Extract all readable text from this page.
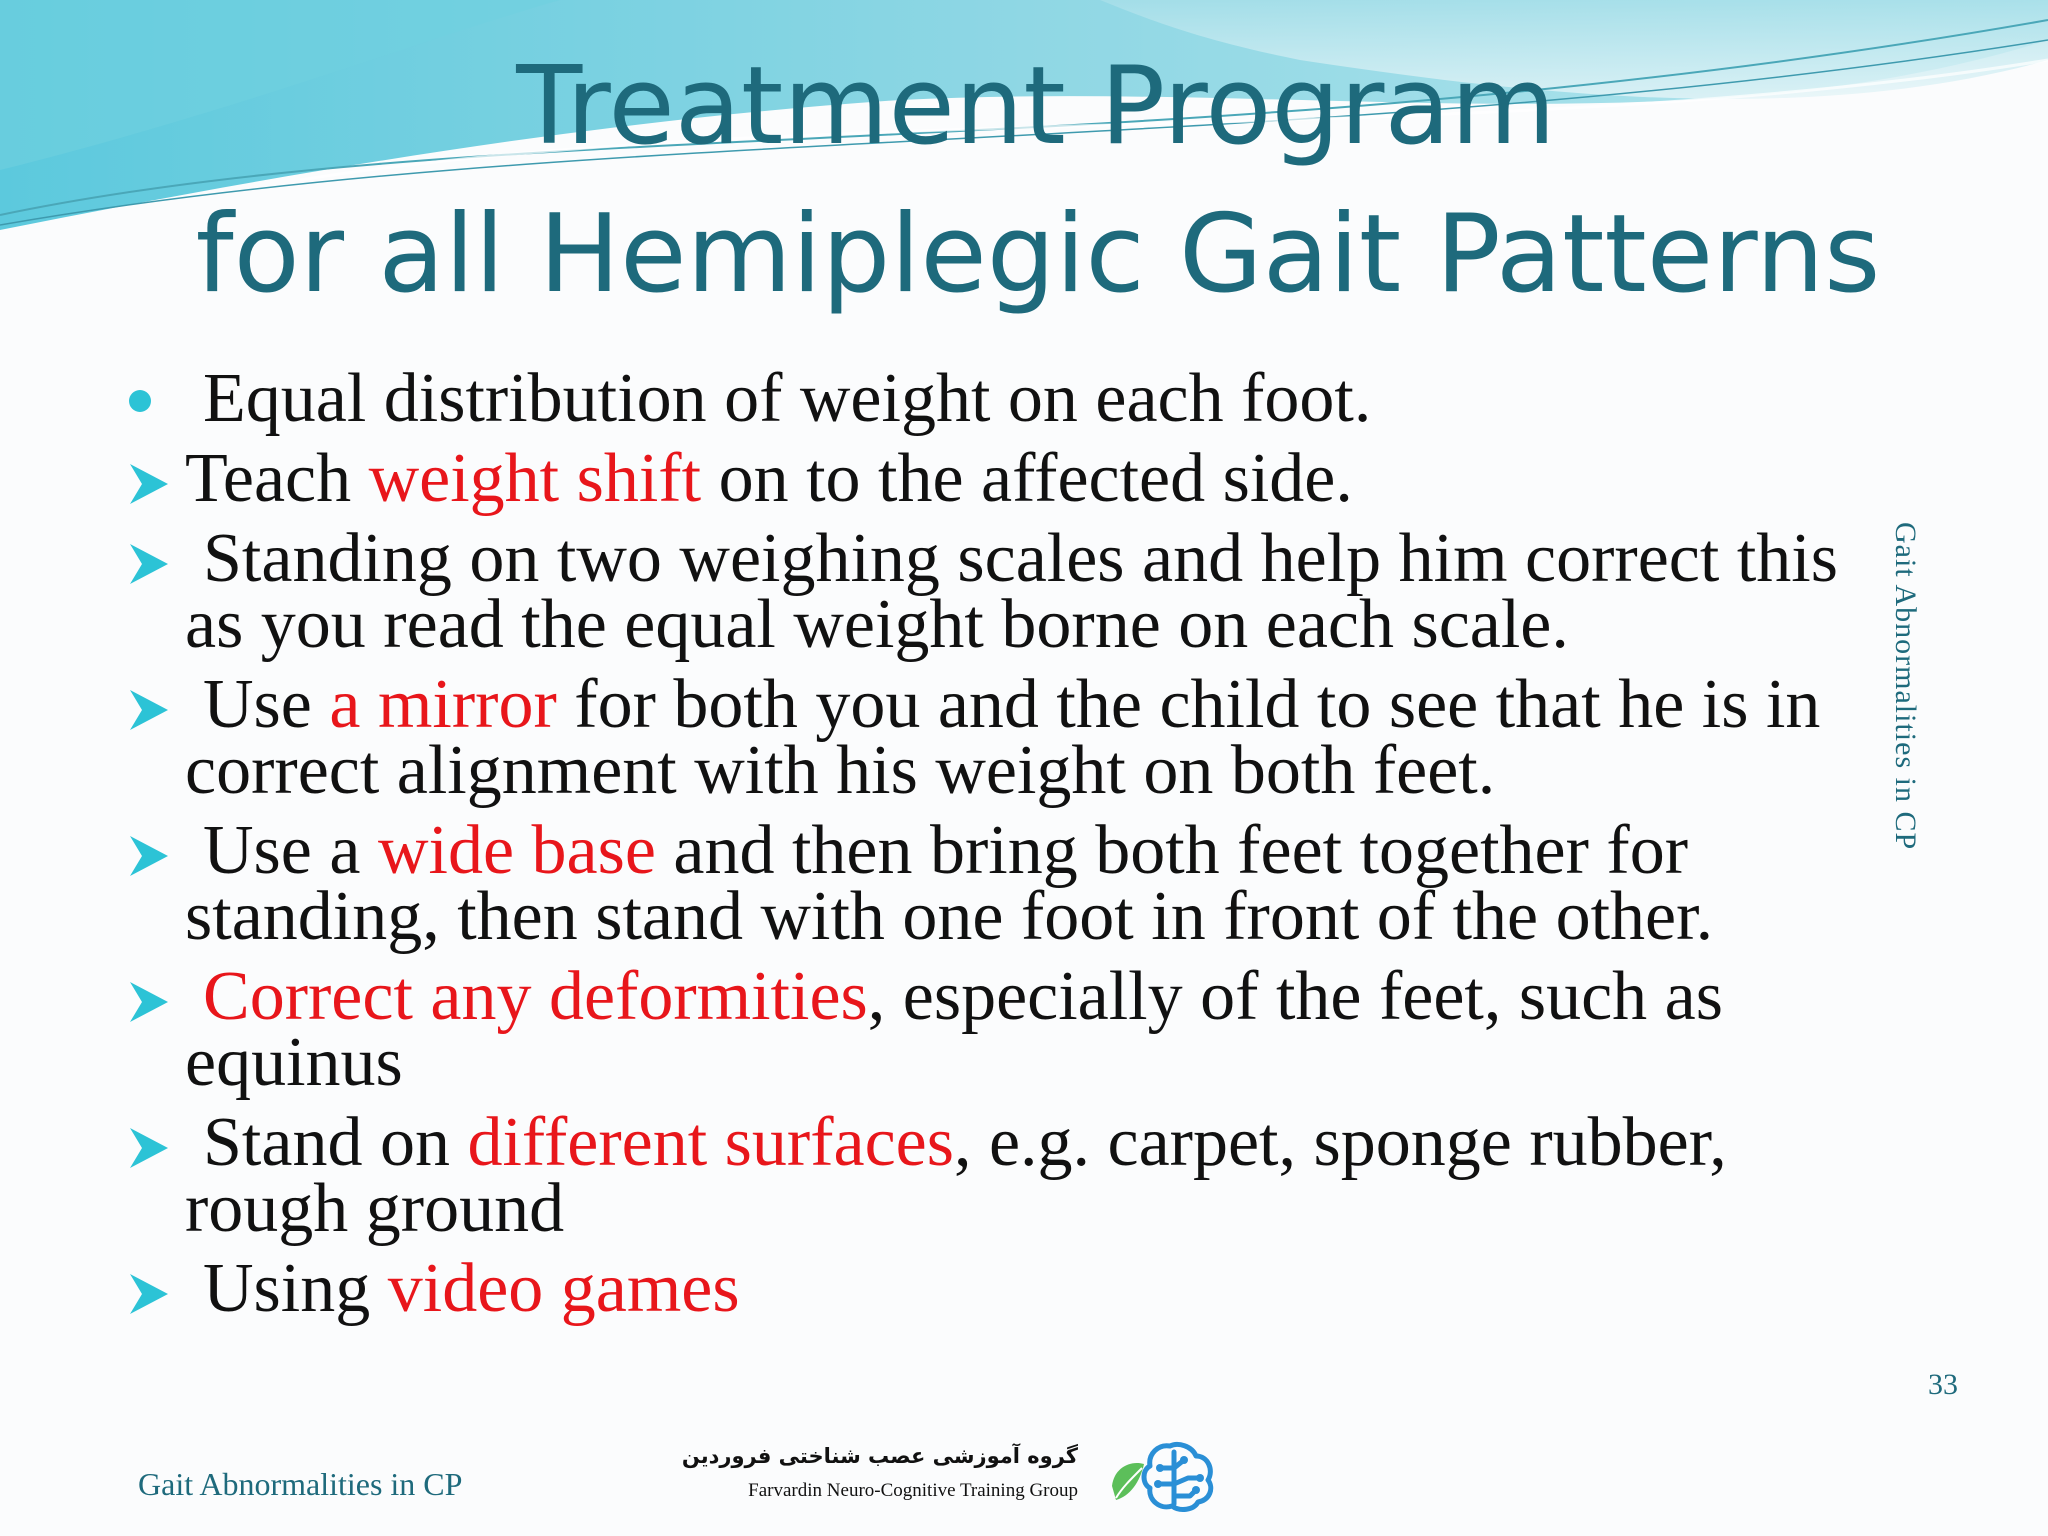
Treatment Program
for all Hemiplegic Gait Patterns
Equal distribution of weight on each foot.
Teach weight shift on to the affected side.
Standing on two weighing scales and help him correct this as you read the equal weight borne on each scale.
Use a mirror for both you and the child to see that he is in correct alignment with his weight on both feet.
Use a wide base and then bring both feet together for standing, then stand with one foot in front of the other.
Correct any deformities, especially of the feet, such as equinus
Stand on different surfaces, e.g. carpet, sponge rubber, rough ground
Using video games
Gait Abnormalities in CP
33
Gait Abnormalities in CP
گروه آموزشی عصب شناختی فروردین
Farvardin Neuro-Cognitive Training Group
